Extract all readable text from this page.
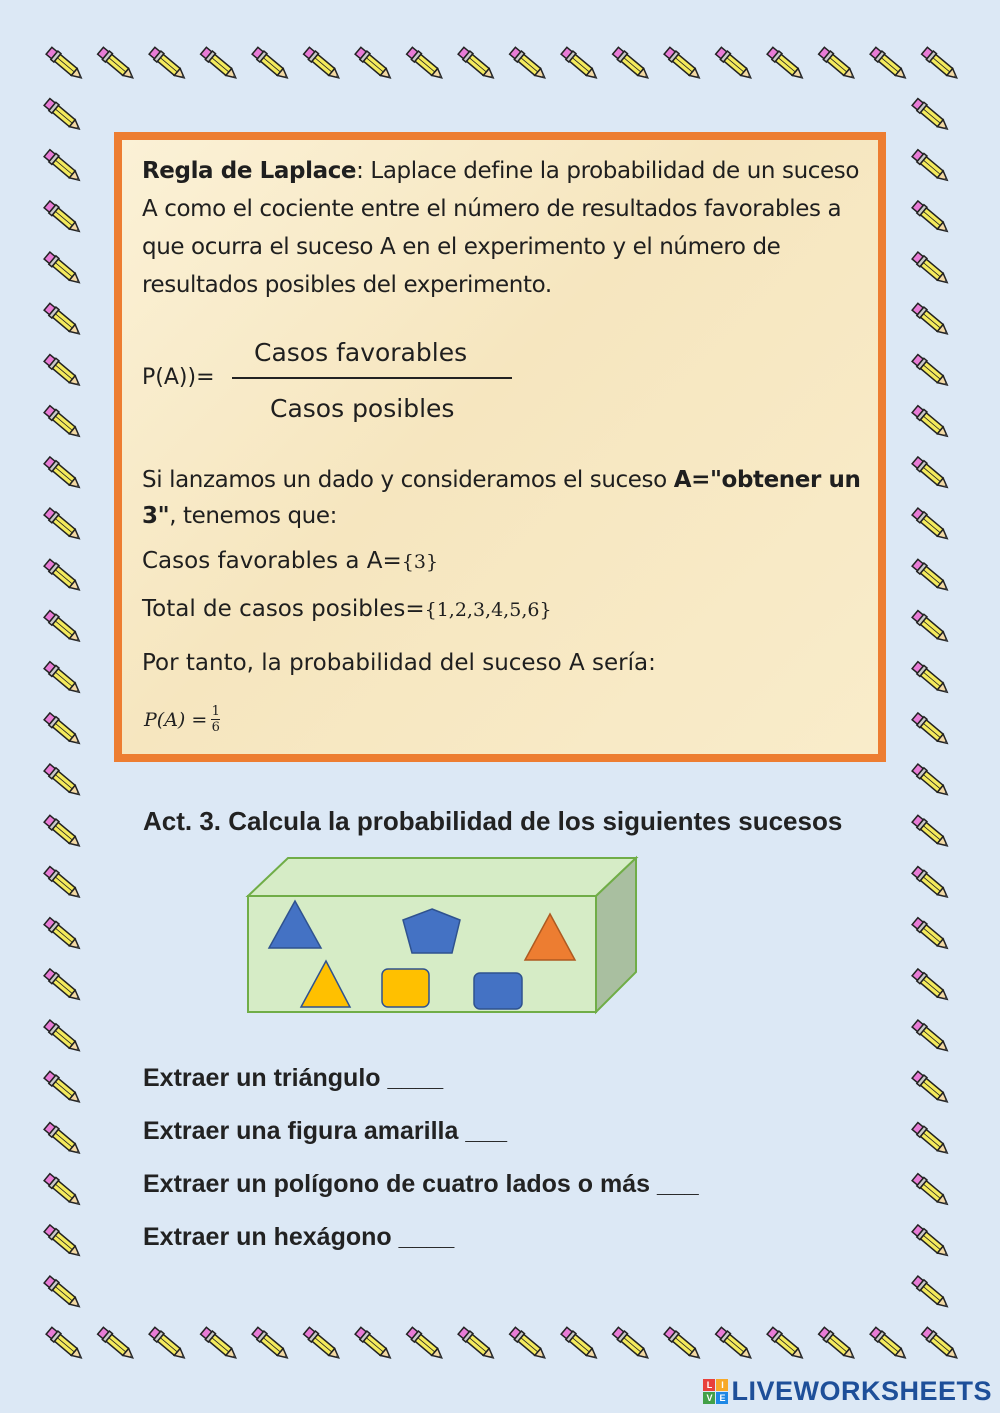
Regla de Laplace: Laplace define la probabilidad de un suceso A como el cociente entre el número de resultados favorables a que ocurra el suceso A en el experimento y el número de resultados posibles del experimento.
P(A))=
Casos favorables
Casos posibles
Si lanzamos un dado y consideramos el suceso A="obtener un 3", tenemos que:
Casos favorables a A={3}
Total de casos posibles={1,2,3,4,5,6}
Por tanto, la probabilidad del suceso A sería:
$P(A) = \frac{1}{6}$
Act. 3. Calcula la probabilidad de los siguientes sucesos
Extraer un triángulo ____
Extraer una figura amarilla ___
Extraer un polígono de cuatro lados o más ___
Extraer un hexágono ____
L I
V E LIVEWORKSHEETS
